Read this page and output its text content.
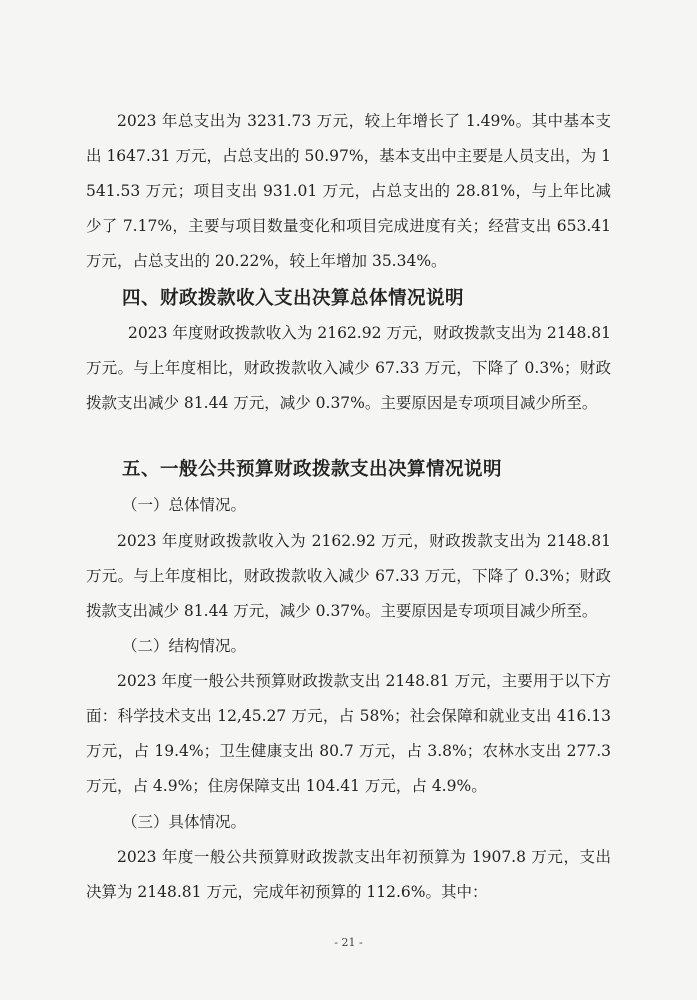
2023 年总支出为 3231.73 万元，较上年增长了 1.49%。其中基本支出 1647.31 万元，占总支出的 50.97%，基本支出中主要是人员支出，为 1541.53 万元；项目支出 931.01 万元，占总支出的 28.81%，与上年比减少了 7.17%，主要与项目数量变化和项目完成进度有关；经营支出 653.41 万元，占总支出的 20.22%，较上年增加 35.34%。

四、财政拨款收入支出决算总体情况说明

2023 年度财政拨款收入为 2162.92 万元，财政拨款支出为 2148.81 万元。与上年度相比，财政拨款收入减少 67.33 万元，下降了 0.3%；财政拨款支出减少 81.44 万元，减少 0.37%。主要原因是专项项目减少所至。

五、一般公共预算财政拨款支出决算情况说明

（一）总体情况。

2023 年度财政拨款收入为 2162.92 万元，财政拨款支出为 2148.81 万元。与上年度相比，财政拨款收入减少 67.33 万元，下降了 0.3%；财政拨款支出减少 81.44 万元，减少 0.37%。主要原因是专项项目减少所至。

（二）结构情况。

2023 年度一般公共预算财政拨款支出 2148.81 万元，主要用于以下方面：科学技术支出 12,45.27 万元，占 58%；社会保障和就业支出 416.13 万元，占 19.4%；卫生健康支出 80.7 万元，占 3.8%；农林水支出 277.3 万元，占 4.9%；住房保障支出 104.41 万元，占 4.9%。

（三）具体情况。

2023 年度一般公共预算财政拨款支出年初预算为 1907.8 万元，支出决算为 2148.81 万元，完成年初预算的 112.6%。其中：

- 21 -
